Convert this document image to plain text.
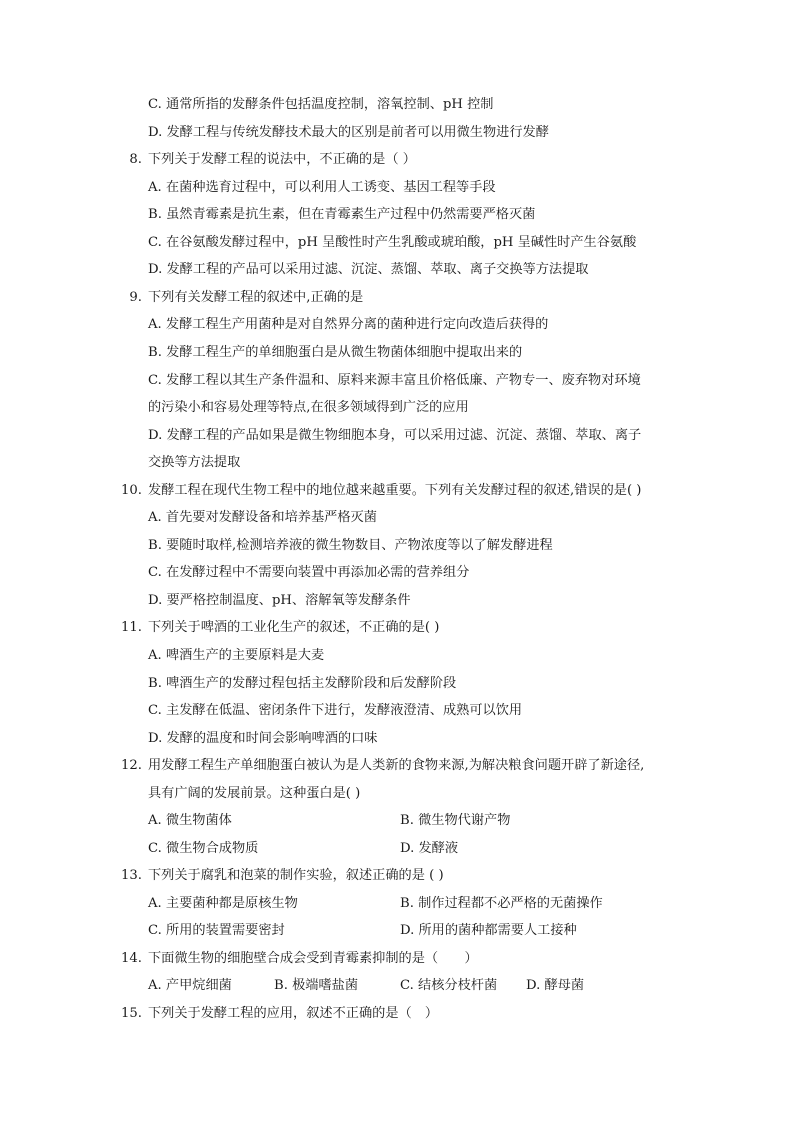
C. 通常所指的发酵条件包括温度控制，溶氧控制、pH 控制
D. 发酵工程与传统发酵技术最大的区别是前者可以用微生物进行发酵
8. 下列关于发酵工程的说法中，不正确的是（ ）
A. 在菌种选育过程中，可以利用人工诱变、基因工程等手段
B. 虽然青霉素是抗生素，但在青霉素生产过程中仍然需要严格灭菌
C. 在谷氨酸发酵过程中，pH 呈酸性时产生乳酸或琥珀酸，pH 呈碱性时产生谷氨酸
D. 发酵工程的产品可以采用过滤、沉淀、蒸馏、萃取、离子交换等方法提取
9. 下列有关发酵工程的叙述中,正确的是
A. 发酵工程生产用菌种是对自然界分离的菌种进行定向改造后获得的
B. 发酵工程生产的单细胞蛋白是从微生物菌体细胞中提取出来的
C. 发酵工程以其生产条件温和、原料来源丰富且价格低廉、产物专一、废弃物对环境
的污染小和容易处理等特点,在很多领域得到广泛的应用
D. 发酵工程的产品如果是微生物细胞本身，可以采用过滤、沉淀、蒸馏、萃取、离子
交换等方法提取
10. 发酵工程在现代生物工程中的地位越来越重要。下列有关发酵过程的叙述,错误的是( )
A. 首先要对发酵设备和培养基严格灭菌
B. 要随时取样,检测培养液的微生物数目、产物浓度等以了解发酵进程
C. 在发酵过程中不需要向装置中再添加必需的营养组分
D. 要严格控制温度、pH、溶解氧等发酵条件
11. 下列关于啤酒的工业化生产的叙述，不正确的是( )
A. 啤酒生产的主要原料是大麦
B. 啤酒生产的发酵过程包括主发酵阶段和后发酵阶段
C. 主发酵在低温、密闭条件下进行，发酵液澄清、成熟可以饮用
D. 发酵的温度和时间会影响啤酒的口味
12. 用发酵工程生产单细胞蛋白被认为是人类新的食物来源,为解决粮食问题开辟了新途径,
具有广阔的发展前景。这种蛋白是( )
A. 微生物菌体	B. 微生物代谢产物
C. 微生物合成物质	D. 发酵液
13. 下列关于腐乳和泡菜的制作实验，叙述正确的是 ( )
A. 主要菌种都是原核生物	B. 制作过程都不必严格的无菌操作
C. 所用的装置需要密封	D. 所用的菌种都需要人工接种
14. 下面微生物的细胞壁合成会受到青霉素抑制的是（　　）
A. 产甲烷细菌	B. 极端嗜盐菌	C. 结核分枝杆菌 D. 酵母菌
15. 下列关于发酵工程的应用，叙述不正确的是（　）
